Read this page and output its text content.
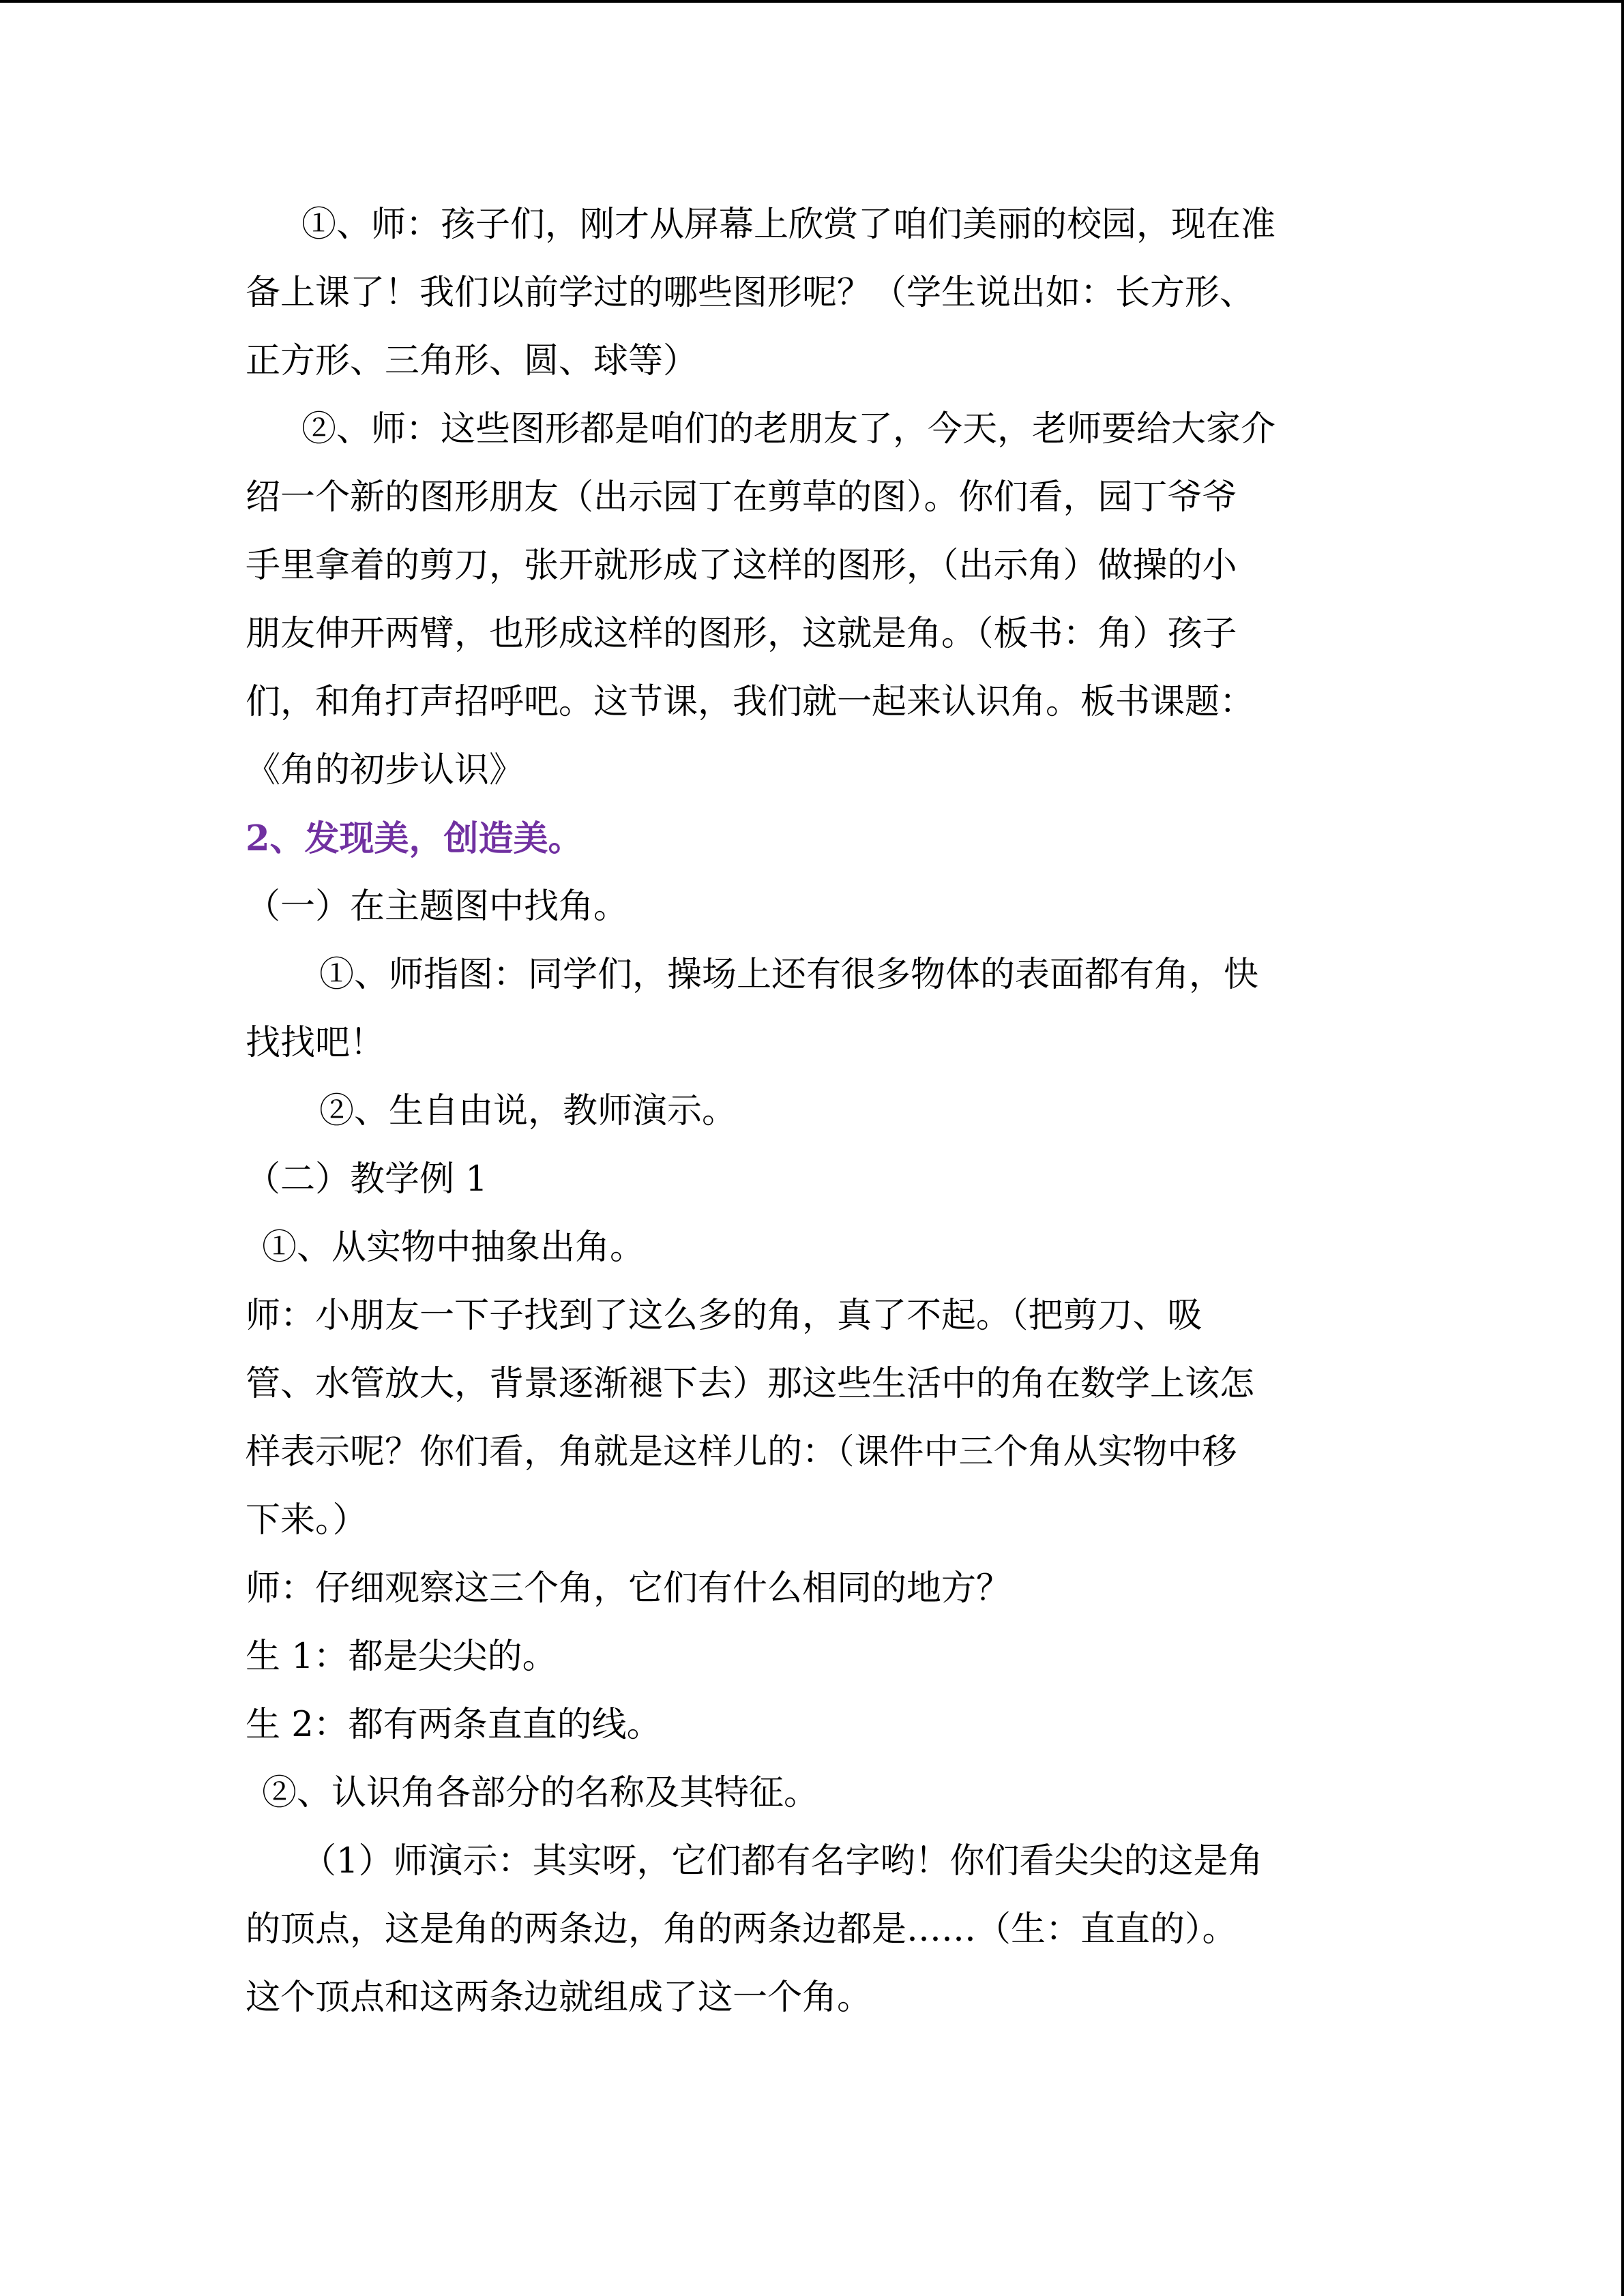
①、师：孩子们，刚才从屏幕上欣赏了咱们美丽的校园，现在准
备上课了！我们以前学过的哪些图形呢？（学生说出如：长方形、
正方形、三角形、圆、球等）
②、师：这些图形都是咱们的老朋友了，今天，老师要给大家介
绍一个新的图形朋友（出示园丁在剪草的图）。你们看，园丁爷爷
手里拿着的剪刀，张开就形成了这样的图形，（出示角）做操的小
朋友伸开两臂，也形成这样的图形，这就是角。（板书：角）孩子
们，和角打声招呼吧。这节课，我们就一起来认识角。板书课题：
《角的初步认识》
2、发现美，创造美。
（一）在主题图中找角。
①、师指图：同学们，操场上还有很多物体的表面都有角，快
找找吧！
②、生自由说，教师演示。
（二）教学例 1
①、从实物中抽象出角。
师：小朋友一下子找到了这么多的角，真了不起。（把剪刀、吸
管、水管放大，背景逐渐褪下去）那这些生活中的角在数学上该怎
样表示呢？你们看，角就是这样儿的：（课件中三个角从实物中移
下来。）
师：仔细观察这三个角，它们有什么相同的地方？
生 1：都是尖尖的。
生 2：都有两条直直的线。
②、认识角各部分的名称及其特征。
（1）师演示：其实呀，它们都有名字哟！你们看尖尖的这是角
的顶点，这是角的两条边，角的两条边都是……（生：直直的）。
这个顶点和这两条边就组成了这一个角。
